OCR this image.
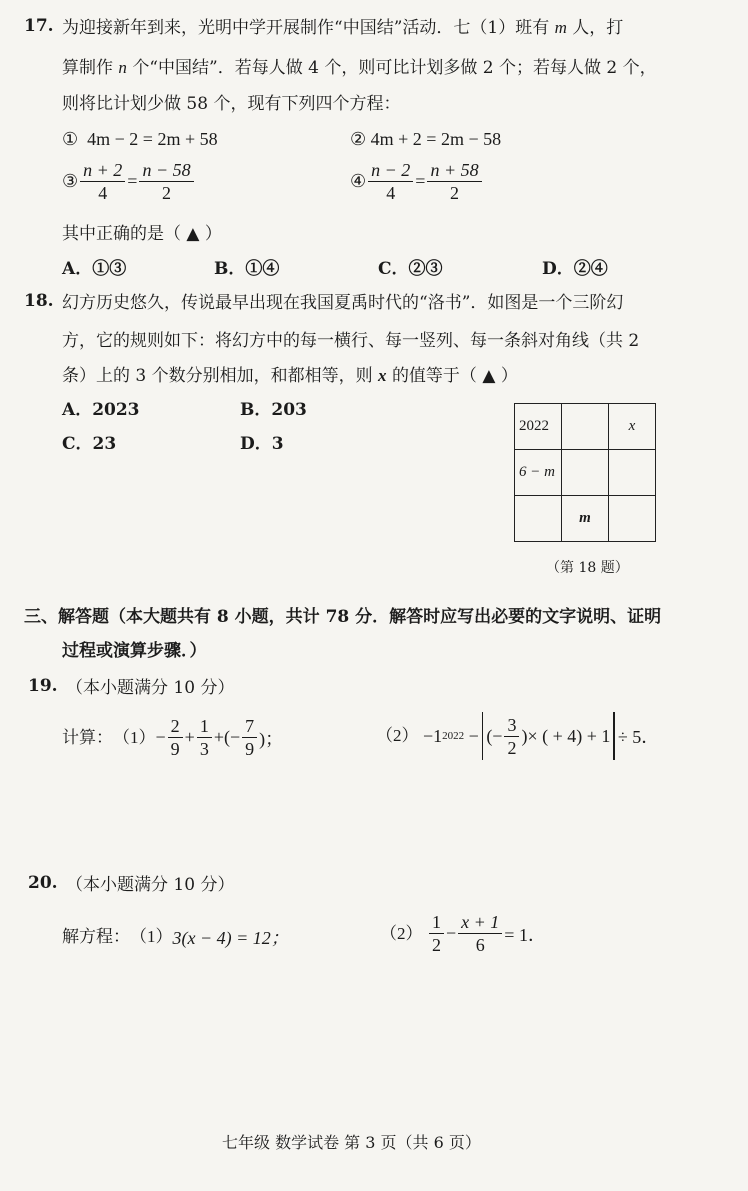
17. 为迎接新年到来，光明中学开展制作“中国结”活动．七（1）班有 m 人，打
算制作 n 个“中国结”．若每人做 4 个，则可比计划多做 2 个；若每人做 2 个，
则将比计划少做 58 个，现有下列四个方程：
① 4m − 2 = 2m + 58	② 4m + 2 = 2m − 58
③ $\frac{n + 2}{4} = \frac{n - 58}{2}$	④ $\frac{n - 2}{4} = \frac{n + 58}{2}$
其中正确的是（ ▲ ）
A．①③	B．①④	C．②③	D．②④
18. 幻方历史悠久，传说最早出现在我国夏禹时代的“洛书”．如图是一个三阶幻
方，它的规则如下：将幻方中的每一横行、每一竖列、每一条斜对角线（共 2
条）上的 3 个数分别相加，和都相等，则 x 的值等于（ ▲ ）
A．2023	B．203
C．23	D．3
2022		x
6 − m		
	m	
（第 18 题）
三、解答题（本大题共有 8 小题，共计 78 分．解答时应写出必要的文字说明、证明
过程或演算步骤．）
19. （本小题满分 10 分）
计算： $(1) - \frac{2}{9} + \frac{1}{3}$ +(− $\frac{7}{9}$ )；	（2）
−1 2022 − (− $\frac{3}{2}$ ) × ( + 4) + 1 ÷ 5．
20. （本小题满分 10 分）
解方程： （1） 3(x − 4) = 12；	（2）
$\frac{1}{2} - \frac{x + 1}{6} = 1$．
七年级 数学试卷 第 3 页（共 6 页）
